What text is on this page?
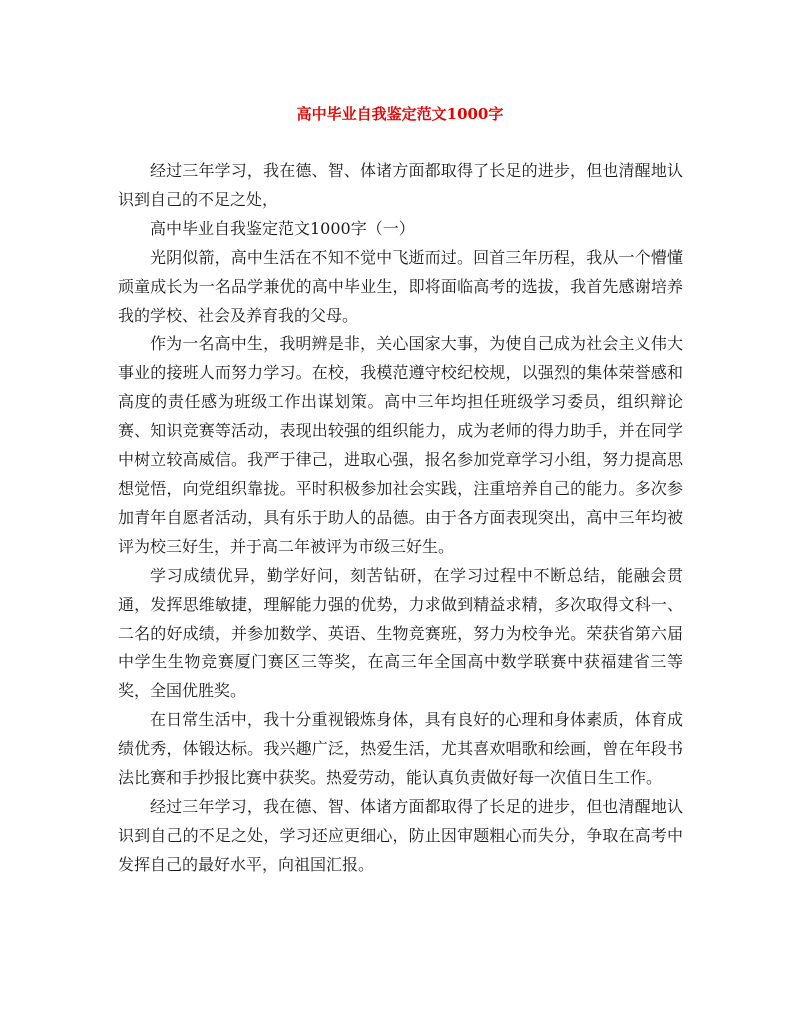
高中毕业自我鉴定范文1000字

经过三年学习，我在德、智、体诸方面都取得了长足的进步，但也清醒地认识到自己的不足之处，

高中毕业自我鉴定范文1000字（一）

光阴似箭，高中生活在不知不觉中飞逝而过。回首三年历程，我从一个懵懂顽童成长为一名品学兼优的高中毕业生，即将面临高考的选拔，我首先感谢培养我的学校、社会及养育我的父母。

作为一名高中生，我明辨是非，关心国家大事，为使自己成为社会主义伟大事业的接班人而努力学习。在校，我模范遵守校纪校规，以强烈的集体荣誉感和高度的责任感为班级工作出谋划策。高中三年均担任班级学习委员，组织辩论赛、知识竞赛等活动，表现出较强的组织能力，成为老师的得力助手，并在同学中树立较高威信。我严于律己，进取心强，报名参加党章学习小组，努力提高思想觉悟，向党组织靠拢。平时积极参加社会实践，注重培养自己的能力。多次参加青年自愿者活动，具有乐于助人的品德。由于各方面表现突出，高中三年均被评为校三好生，并于高二年被评为市级三好生。

学习成绩优异，勤学好问，刻苦钻研，在学习过程中不断总结，能融会贯通，发挥思维敏捷，理解能力强的优势，力求做到精益求精，多次取得文科一、二名的好成绩，并参加数学、英语、生物竞赛班，努力为校争光。荣获省第六届中学生生物竞赛厦门赛区三等奖，在高三年全国高中数学联赛中获福建省三等奖，全国优胜奖。

在日常生活中，我十分重视锻炼身体，具有良好的心理和身体素质，体育成绩优秀，体锻达标。我兴趣广泛，热爱生活，尤其喜欢唱歌和绘画，曾在年段书法比赛和手抄报比赛中获奖。热爱劳动，能认真负责做好每一次值日生工作。

经过三年学习，我在德、智、体诸方面都取得了长足的进步，但也清醒地认识到自己的不足之处，学习还应更细心，防止因审题粗心而失分，争取在高考中发挥自己的最好水平，向祖国汇报。
